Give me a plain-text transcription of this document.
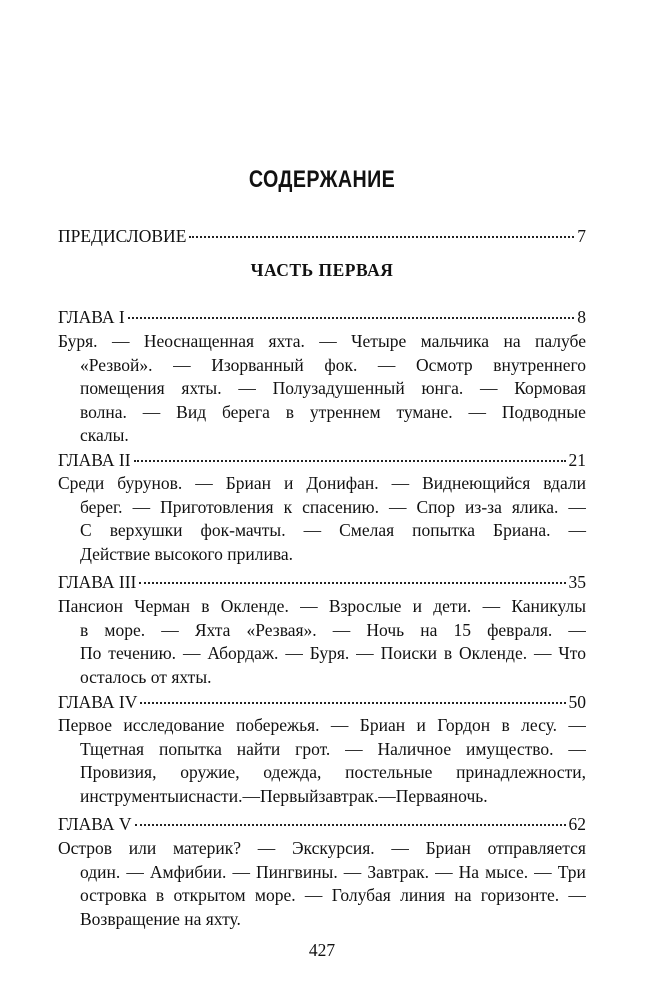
СОДЕРЖАНИЕ
ПРЕДИСЛОВИЕ	7
ЧАСТЬ ПЕРВАЯ
ГЛАВА I	8
Буря. — Неоснащенная яхта. — Четыре мальчика на палубе
«Резвой». — Изорванный фок. — Осмотр внутреннего
помещения яхты. — Полузадушенный юнга. — Кормовая
волна. — Вид берега в утреннем тумане. — Подводные
скалы.
ГЛАВА II	21
Среди бурунов. — Бриан и Донифан. — Виднеющийся вдали
берег. — Приготовления к спасению. — Спор из-за ялика. —
С верхушки фок-мачты. — Смелая попытка Бриана. —
Действие высокого прилива.
ГЛАВА III	35
Пансион Черман в Окленде. — Взрослые и дети. — Каникулы
в море. — Яхта «Резвая». — Ночь на 15 февраля. —
По течению. — Абордаж. — Буря. — Поиски в Окленде. — Что
осталось от яхты.
ГЛАВА IV	50
Первое исследование побережья. — Бриан и Гордон в лесу. —
Тщетная попытка найти грот. — Наличное имущество. —
Провизия, оружие, одежда, постельные принадлежности,
инструменты и снасти. — Первый завтрак. — Первая ночь.
ГЛАВА V	62
Остров или материк? — Экскурсия. — Бриан отправляется
один. — Амфибии. — Пингвины. — Завтрак. — На мысе. — Три
островка в открытом море. — Голубая линия на горизонте. —
Возвращение на яхту.
427
